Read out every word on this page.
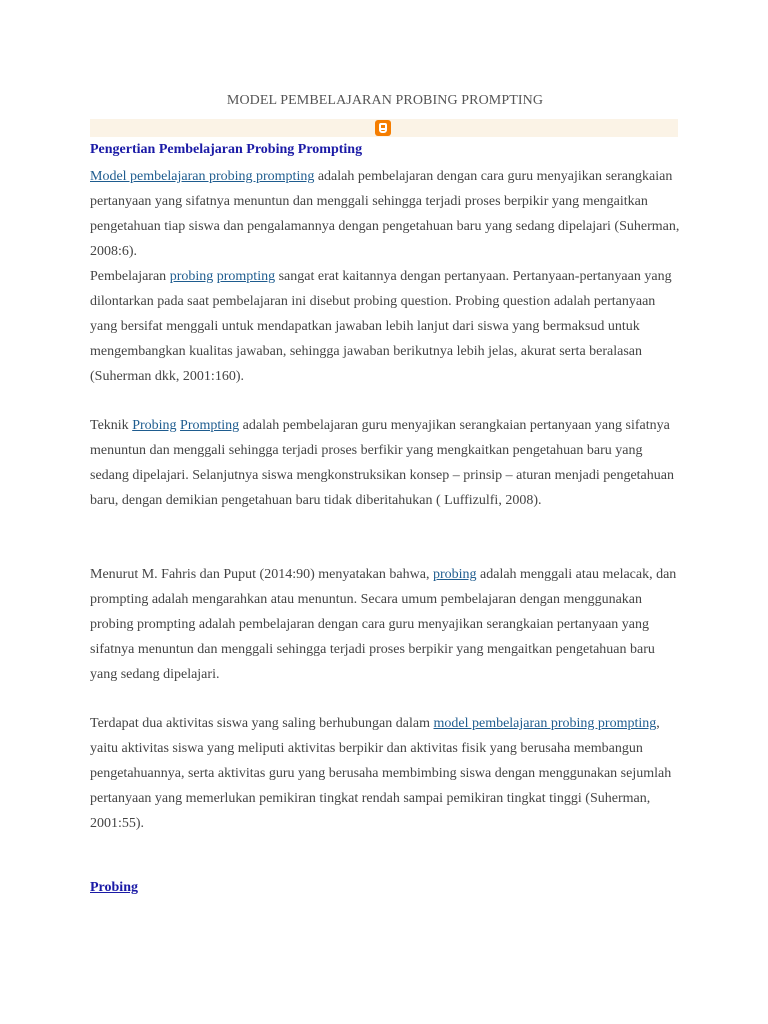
MODEL PEMBELAJARAN PROBING PROMPTING
Pengertian Pembelajaran Probing Prompting
Model pembelajaran probing prompting adalah pembelajaran dengan cara guru menyajikan serangkaian pertanyaan yang sifatnya menuntun dan menggali sehingga terjadi proses berpikir yang mengaitkan pengetahuan tiap siswa dan pengalamannya dengan pengetahuan baru yang sedang dipelajari (Suherman, 2008:6).
Pembelajaran probing prompting sangat erat kaitannya dengan pertanyaan. Pertanyaan-pertanyaan yang dilontarkan pada saat pembelajaran ini disebut probing question. Probing question adalah pertanyaan yang bersifat menggali untuk mendapatkan jawaban lebih lanjut dari siswa yang bermaksud untuk mengembangkan kualitas jawaban, sehingga jawaban berikutnya lebih jelas, akurat serta beralasan (Suherman dkk, 2001:160).
Teknik Probing Prompting adalah pembelajaran guru menyajikan serangkaian pertanyaan yang sifatnya menuntun dan menggali sehingga terjadi proses berfikir yang mengkaitkan pengetahuan baru yang sedang dipelajari. Selanjutnya siswa mengkonstruksikan konsep – prinsip – aturan menjadi pengetahuan baru, dengan demikian pengetahuan baru tidak diberitahukan ( Luffizulfi, 2008).
Menurut M. Fahris dan Puput (2014:90) menyatakan bahwa, probing adalah menggali atau melacak, dan prompting adalah mengarahkan atau menuntun. Secara umum pembelajaran dengan menggunakan probing prompting adalah pembelajaran dengan cara guru menyajikan serangkaian pertanyaan yang sifatnya menuntun dan menggali sehingga terjadi proses berpikir yang mengaitkan pengetahuan baru yang sedang dipelajari.
Terdapat dua aktivitas siswa yang saling berhubungan dalam model pembelajaran probing prompting, yaitu aktivitas siswa yang meliputi aktivitas berpikir dan aktivitas fisik yang berusaha membangun pengetahuannya, serta aktivitas guru yang berusaha membimbing siswa dengan menggunakan sejumlah pertanyaan yang memerlukan pemikiran tingkat rendah sampai pemikiran tingkat tinggi (Suherman, 2001:55).
Probing
